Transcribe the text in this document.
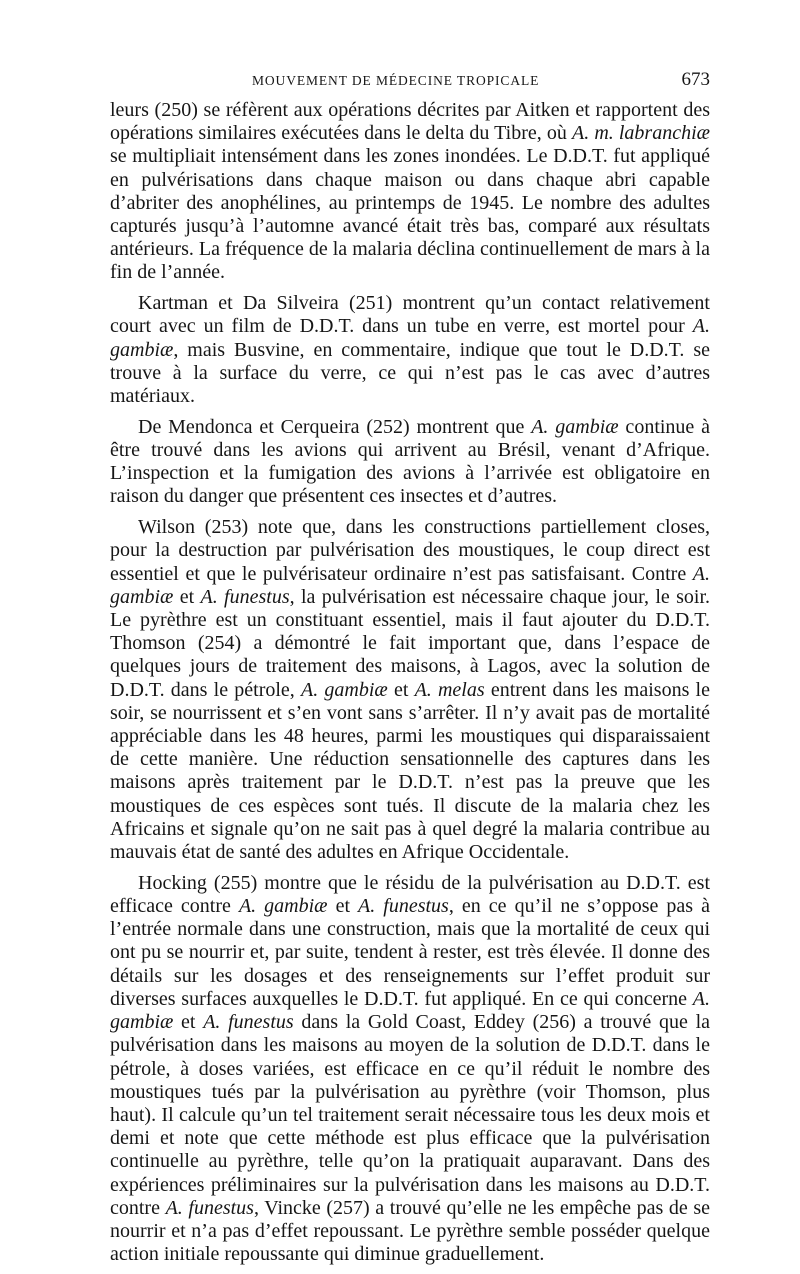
MOUVEMENT DE MÉDECINE TROPICALE	673

leurs (250) se réfèrent aux opérations décrites par Aitken et rapportent des opérations similaires exécutées dans le delta du Tibre, où A. m. labranchiæ se multipliait intensément dans les zones inondées. Le D.D.T. fut appliqué en pulvérisations dans chaque maison ou dans chaque abri capable d’abriter des anophélines, au printemps de 1945. Le nombre des adultes capturés jusqu’à l’automne avancé était très bas, comparé aux résultats antérieurs. La fréquence de la malaria déclina continuellement de mars à la fin de l’année.

Kartman et Da Silveira (251) montrent qu’un contact relativement court avec un film de D.D.T. dans un tube en verre, est mortel pour A. gambiæ, mais Busvine, en commentaire, indique que tout le D.D.T. se trouve à la surface du verre, ce qui n’est pas le cas avec d’autres matériaux.

De Mendonca et Cerqueira (252) montrent que A. gambiæ continue à être trouvé dans les avions qui arrivent au Brésil, venant d’Afrique. L’inspection et la fumigation des avions à l’arrivée est obligatoire en raison du danger que présentent ces insectes et d’autres.

Wilson (253) note que, dans les constructions partiellement closes, pour la destruction par pulvérisation des moustiques, le coup direct est essentiel et que le pulvérisateur ordinaire n’est pas satisfaisant. Contre A. gambiæ et A. funestus, la pulvérisation est nécessaire chaque jour, le soir. Le pyrèthre est un constituant essentiel, mais il faut ajouter du D.D.T. Thomson (254) a démontré le fait important que, dans l’espace de quelques jours de traitement des maisons, à Lagos, avec la solution de D.D.T. dans le pétrole, A. gambiæ et A. melas entrent dans les maisons le soir, se nourrissent et s’en vont sans s’arrêter. Il n’y avait pas de mortalité appréciable dans les 48 heures, parmi les moustiques qui disparaissaient de cette manière. Une réduction sensationnelle des captures dans les maisons après traitement par le D.D.T. n’est pas la preuve que les moustiques de ces espèces sont tués. Il discute de la malaria chez les Africains et signale qu’on ne sait pas à quel degré la malaria contribue au mauvais état de santé des adultes en Afrique Occidentale.

Hocking (255) montre que le résidu de la pulvérisation au D.D.T. est efficace contre A. gambiæ et A. funestus, en ce qu’il ne s’oppose pas à l’entrée normale dans une construction, mais que la mortalité de ceux qui ont pu se nourrir et, par suite, tendent à rester, est très élevée. Il donne des détails sur les dosages et des renseignements sur l’effet produit sur diverses surfaces auxquelles le D.D.T. fut appliqué. En ce qui concerne A. gambiæ et A. funestus dans la Gold Coast, Eddey (256) a trouvé que la pulvérisation dans les maisons au moyen de la solution de D.D.T. dans le pétrole, à doses variées, est efficace en ce qu’il réduit le nombre des moustiques tués par la pulvérisation au pyrèthre (voir Thomson, plus haut). Il calcule qu’un tel traitement serait nécessaire tous les deux mois et demi et note que cette méthode est plus efficace que la pulvérisation continuelle au pyrèthre, telle qu’on la pratiquait auparavant. Dans des expériences préliminaires sur la pulvérisation dans les maisons au D.D.T. contre A. funestus, Vincke (257) a trouvé qu’elle ne les empêche pas de se nourrir et n’a pas d’effet repoussant. Le pyrèthre semble posséder quelque action initiale repoussante qui diminue graduellement.
